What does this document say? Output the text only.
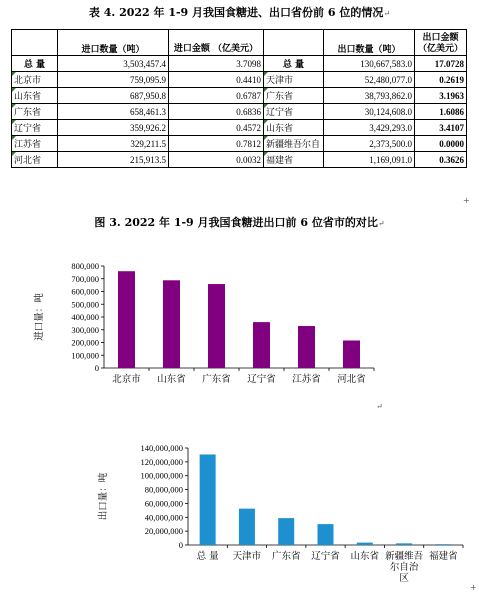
表 4. 2022 年 1-9 月我国食糖进、出口省份前 6 位的情况↵
	进口数量（吨）	进口金额 （亿美元）		出口数量（吨）	出口金额（亿美元）
总 量	3,503,457.4	3.7098	总 量	130,667,583.0	17.0728
北京市	759,095.9	0.4410	天津市	52,480,077.0	0.2619
山东省	687,950.8	0.6787	广东省	38,793,862.0	3.1963
广东省	658,461.3	0.6836	辽宁省	30,124,608.0	1.6086
辽宁省	359,926.2	0.4572	山东省	3,429,293.0	3.4107
江苏省	329,211.5	0.7812	新疆维吾尔自	2,373,500.0	0.0000
河北省	215,913.5	0.0032	福建省	1,169,091.0	0.3626
+
图 3. 2022 年 1-9 月我国食糖进出口前 6 位省市的对比↵
0
100,000
200,000
300,000
400,000
500,000
600,000
700,000
800,000
进口量：吨
北京市 山东省 广东省 辽宁省 江苏省 河北省
↵
0
20,000,000
40,000,000
60,000,000
80,000,000
100,000,000
120,000,000
140,000,000
出口量：吨
总 量 天津市 广东省 辽宁省 山东省 新疆维吾
尔自治
区
福建省
+
